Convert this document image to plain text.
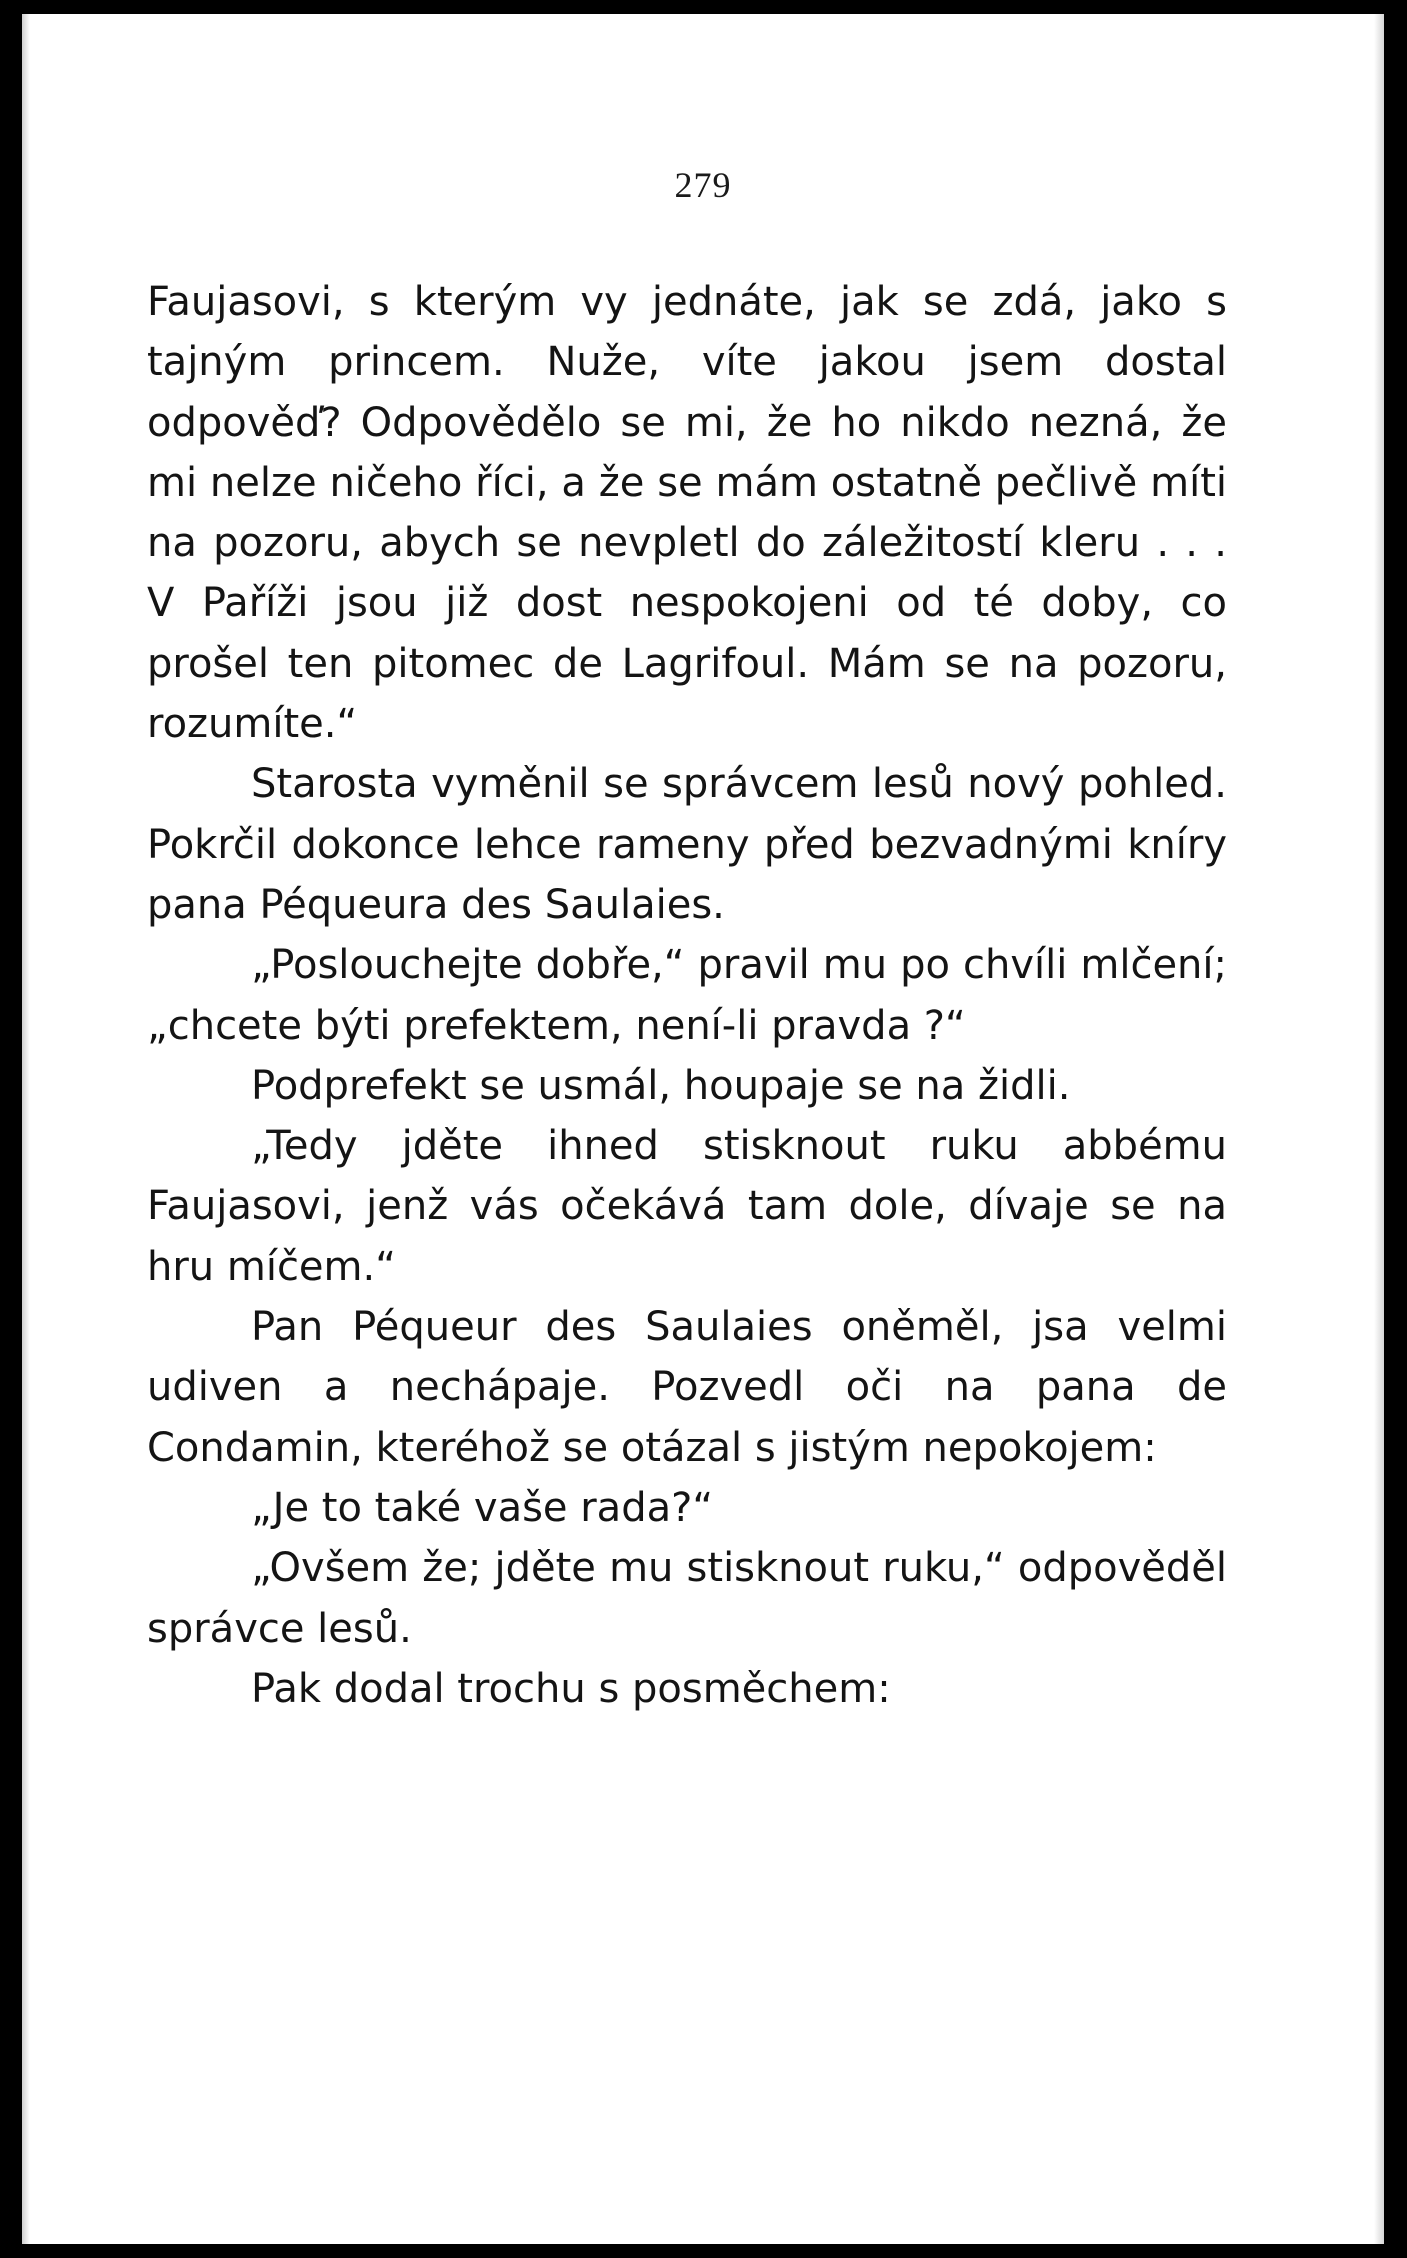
279

Faujasovi, s kterým vy jednáte, jak se zdá, jako s tajným princem. Nuže, víte jakou jsem dostal odpověď? Odpovědělo se mi, že ho nikdo nezná, že mi nelze ničeho říci, a že se mám ostatně pečlivě míti na pozoru, abych se nevpletl do záležitostí kleru . . . V Paříži jsou již dost nespokojeni od té doby, co prošel ten pitomec de Lagrifoul. Mám se na pozoru, rozumíte.“

Starosta vyměnil se správcem lesů nový pohled. Pokrčil dokonce lehce rameny před bezvadnými kníry pana Péqueura des Saulaies.

„Poslouchejte dobře,“ pravil mu po chvíli mlčení; „chcete býti prefektem, není-li pravda ?“

Podprefekt se usmál, houpaje se na židli.

„Tedy jděte ihned stisknout ruku abbému Faujasovi, jenž vás očekává tam dole, dívaje se na hru míčem.“

Pan Péqueur des Saulaies oněměl, jsa velmi udiven a nechápaje. Pozvedl oči na pana de Condamin, kteréhož se otázal s jistým nepokojem:

„Je to také vaše rada?“

„Ovšem že; jděte mu stisknout ruku,“ odpověděl správce lesů.

Pak dodal trochu s posměchem:
